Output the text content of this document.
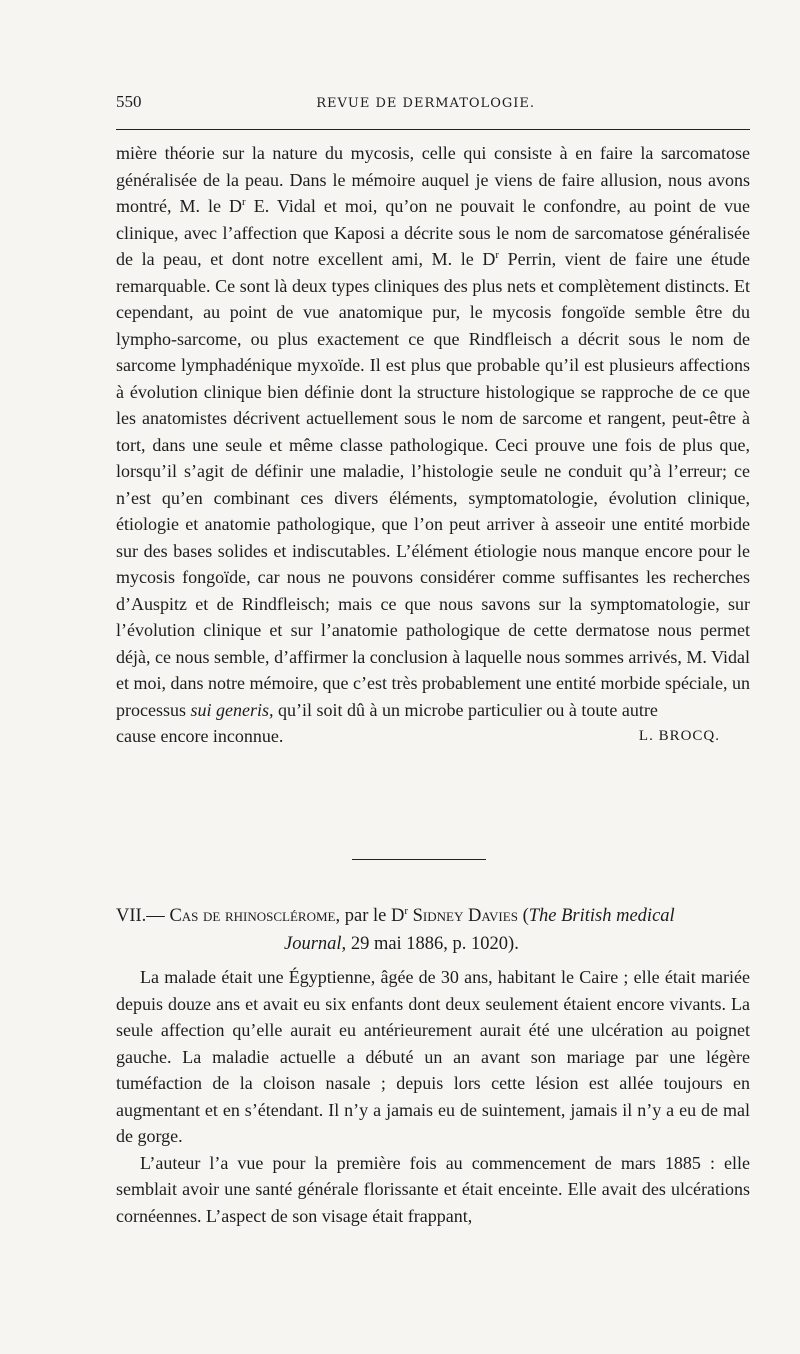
550	REVUE DE DERMATOLOGIE.

mière théorie sur la nature du mycosis, celle qui consiste à en faire la sarcomatose généralisée de la peau. Dans le mémoire auquel je viens de faire allusion, nous avons montré, M. le $D^r$ E. Vidal et moi, qu’on ne pouvait le confondre, au point de vue clinique, avec l’affection que Kaposi a décrite sous le nom de sarcomatose généralisée de la peau, et dont notre excellent ami, M. le $D^r$ Perrin, vient de faire une étude remarquable. Ce sont là deux types cliniques des plus nets et complètement distincts. Et cependant, au point de vue anatomique pur, le mycosis fongoïde semble être du lympho-sarcome, ou plus exactement ce que Rindfleisch a décrit sous le nom de sarcome lymphadénique myxoïde. Il est plus que probable qu’il est plusieurs affections à évolution clinique bien définie dont la structure histologique se rapproche de ce que les anatomistes décrivent actuellement sous le nom de sarcome et rangent, peut-être à tort, dans une seule et même classe pathologique. Ceci prouve une fois de plus que, lorsqu’il s’agit de définir une maladie, l’histologie seule ne conduit qu’à l’erreur; ce n’est qu’en combinant ces divers éléments, symptomatologie, évolution clinique, étiologie et anatomie pathologique, que l’on peut arriver à asseoir une entité morbide sur des bases solides et indiscutables. L’élément étiologie nous manque encore pour le mycosis fongoïde, car nous ne pouvons considérer comme suffisantes les recherches d’Auspitz et de Rindfleisch; mais ce que nous savons sur la symptomatologie, sur l’évolution clinique et sur l’anatomie pathologique de cette dermatose nous permet déjà, ce nous semble, d’affirmer la conclusion à laquelle nous sommes arrivés, M. Vidal et moi, dans notre mémoire, que c’est très probablement une entité morbide spéciale, un processus sui generis, qu’il soit dû à un microbe particulier ou à toute autre

cause encore inconnue.	L. BROCQ.
VII.— Cas de rhinosclérome, par le $D^r$ Sidney Davies (The British medical
Journal, 29 mai 1886, p. 1020).

La malade était une Égyptienne, âgée de 30 ans, habitant le Caire ; elle était mariée depuis douze ans et avait eu six enfants dont deux seulement étaient encore vivants. La seule affection qu’elle aurait eu antérieurement aurait été une ulcération au poignet gauche. La maladie actuelle a débuté un an avant son mariage par une légère tuméfaction de la cloison nasale ; depuis lors cette lésion est allée toujours en augmentant et en s’étendant. Il n’y a jamais eu de suintement, jamais il n’y a eu de mal de gorge.

L’auteur l’a vue pour la première fois au commencement de mars 1885 : elle semblait avoir une santé générale florissante et était enceinte. Elle avait des ulcérations cornéennes. L’aspect de son visage était frappant,
